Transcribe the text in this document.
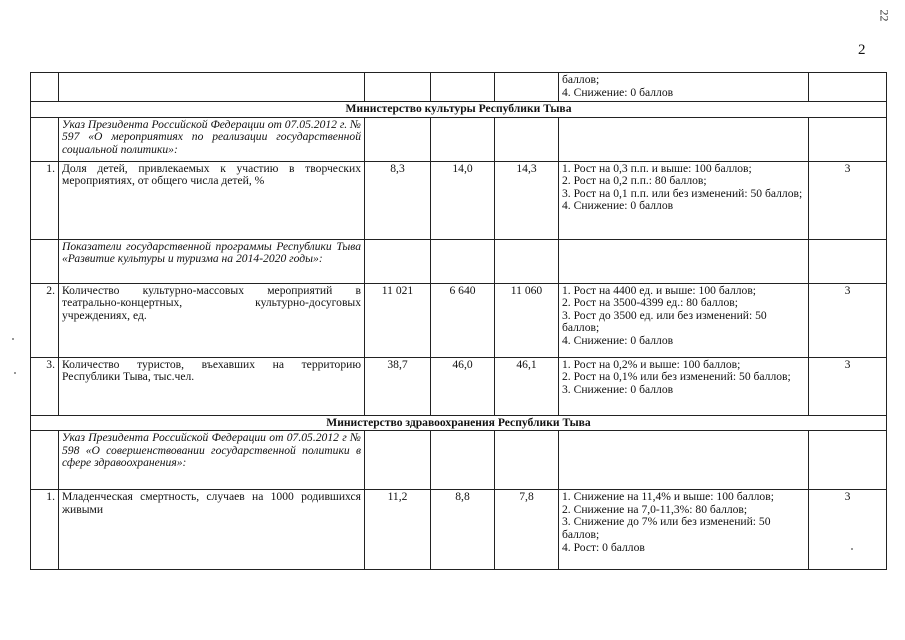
2
22

					баллов;
4. Снижение: 0 баллов	

Министерство культуры Республики Тыва						
	Указ Президента Российской Федерации от 07.05.2012 г. № 597 «О мероприятиях по реализации государственной социальной политики»:					
1.	Доля детей, привлекаемых к участию в творческих мероприятиях, от общего числа детей, %	8,3	14,0	14,3	1. Рост на 0,3 п.п. и выше: 100 баллов;
2. Рост на 0,2 п.п.: 80 баллов;
3. Рост на 0,1 п.п. или без изменений: 50 баллов;
4. Снижение: 0 баллов	3
	Показатели государственной программы Республики Тыва «Развитие культуры и туризма на 2014-2020 годы»:					
2.	Количество культурно-массовых мероприятий в театрально-концертных, культурно-досуговых учреждениях, ед.	11 021	6 640	11 060	1. Рост на 4400 ед. и выше: 100 баллов;
2. Рост на 3500-4399 ед.: 80 баллов;
3. Рост до 3500 ед. или без изменений: 50 баллов;
4. Снижение: 0 баллов	3
3.	Количество туристов, въехавших на территорию Республики Тыва, тыс.чел.	38,7	46,0	46,1	1. Рост на 0,2% и выше: 100 баллов;
2. Рост на 0,1% или без изменений: 50 баллов;
3. Снижение: 0 баллов	3
Министерство здравоохранения Республики Тыва						
	Указ Президента Российской Федерации от 07.05.2012 г № 598 «О совершенствовании государственной политики в сфере здравоохранения»:					
1.	Младенческая смертность, случаев на 1000 родившихся живыми	11,2	8,8	7,8	1. Снижение на 11,4% и выше: 100 баллов;
2. Снижение на 7,0-11,3%: 80 баллов;
3. Снижение до 7% или без изменений: 50 баллов;
4. Рост: 0 баллов	3
